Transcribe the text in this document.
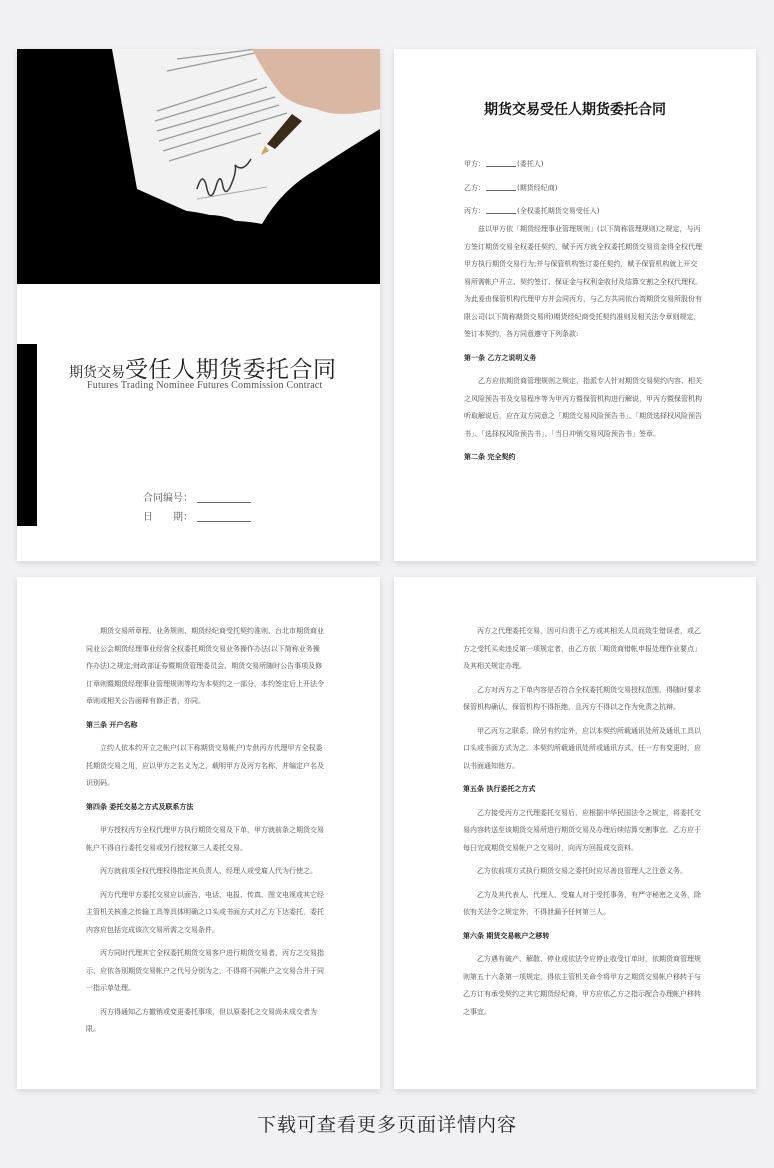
期货交易受任人期货委托合同
Futures Trading Nominee Futures Commission Contract
合同编号：
日　　期：
期货交易受任人期货委托合同
甲方：	(委托人)
乙方：	(期货经纪商)
丙方：	(全权委托期货交易受任人)

兹以甲方依「期货经理事业管理规则」(以下简称管理规则)之规定，与丙方签订期货交易全权委任契约，赋予丙方就全权委托期货交易资金得全权代理甲方执行期货交易行为;并与保管机构签订委任契约，赋予保管机构就上开交易所需帐户开立、契约签订、保证金与权利金收付及结算交割之全权代理权。为此爰由保管机构代理甲方并会同丙方，与乙方共同依台湾期货交易所股份有限公司(以下简称期货交易所)期货经纪商受托契约准则及相关法令章则规定，签订本契约，各方同意遵守下列条款:

第一条 乙方之说明义务

乙方应依期货商管理规则之规定，指派专人针对期货交易契约内容、相关之风险预告书及交易程序等为甲丙方暨保管机构进行解说，甲丙方暨保管机构听取解说后，应在双方同意之「期货交易风险预告书」、「期货选择权风险预告书」、「选择权风险预告书」、「当日冲销交易风险预告书」签章。

第二条 完全契约

期货交易所章程、业务规则、期货经纪商受托契约准则、台北市期货商业同业公会期货经理事业经营全权委托期货交易业务操作办法(以下简称业务操作办法)之规定;财政部证券暨期货管理委员会、期货交易所随时公告事项及修订章则暨期货经理事业管理规则等均为本契约之一部分，本约签定后上开法令章则或相关公告函释有修正者，亦同。

第三条 开户名称

立约人依本约开立之帐户(以下称期货交易帐户)专供丙方代理甲方全权委托期货交易之用，应以甲方之名义为之，载明甲方及丙方名称，并编定户名及识别码。

第四条 委托交易之方式及联系方法

甲方授权丙方全权代理甲方执行期货交易及下单，甲方就前条之期货交易帐户不得自行委托交易或另行授权第三人委托交易。

丙方就前项全权代理权得指定其负责人、经理人或受雇人代为行使之。

丙方代理甲方委托交易应以面告、电话、电报、传真、图文电视或其它经主管机关核准之传输工具等具体明确之口头或书面方式对乙方下达委托，委托内容应包括完成该次交易所需之交易条件。

丙方同时代理其它全权委托期货交易客户进行期货交易者，丙方之交易指示、应依各别期货交易帐户之代号分别为之，不得将不同帐户之交易合并于同一指示单处理。

丙方得通知乙方撤销或变更委托事项，但以原委托之交易尚未成交者为限。

丙方之代理委托交易，因可归责于乙方或其相关人员而致生错误者，或乙方之受托买卖违反第一项规定者，由乙方依「期货商错帐申报处理作业要点」及其相关规定办理。

乙方对丙方之下单内容是否符合全权委托期货交易授权范围，得随时要求保管机构确认，保管机构不得拒绝，且丙方不得以之作为免责之抗辩。

甲乙丙方之联系，除另有约定外，应以本契约所载通讯处所及通讯工具以口头或书面方式为之。本契约所载通讯处所或通讯方式，任一方有变更时，应以书面通知他方。

第五条 执行委托之方式

乙方接受丙方之代理委托交易后，应根据中华民国法令之规定，将委托交易内容转送至该期货交易所进行期货交易及办理后续结算交割事宜。乙方应于每日完成期货交易帐户之交易时，向丙方回报成交资料。

乙方依前项方式执行期货交易之委托时应尽善良管理人之注意义务。

乙方及其代表人、代理人、受雇人对于受托事务，有严守秘密之义务，除依有关法令之规定外，不得泄漏予任何第三人。

第六条 期货交易帐户之移转

乙方遇有破产、解散、停业或依法令应停止收受订单时，依期货商管理规则第五十六条第一项规定，得依主管机关命令将甲方之期货交易帐户移转于与乙方订有承受契约之其它期货经纪商，甲方应依乙方之指示配合办理帐户移转之事宜。

下载可查看更多页面详情内容
